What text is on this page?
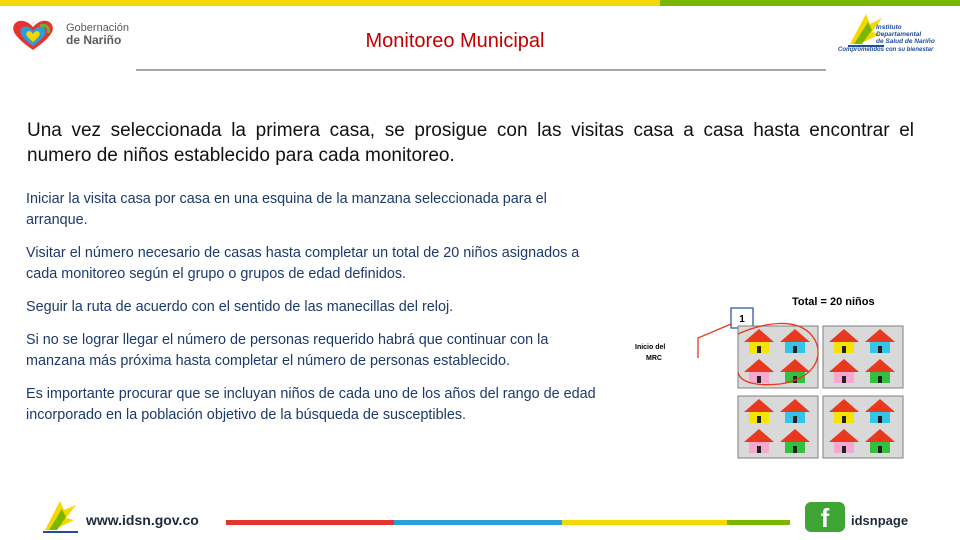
Gobernación
de Nariño	Monitoreo Municipal
Instituto
Departamental
de Salud de Nariño
Comprometidos con su bienestar
Una vez seleccionada la primera casa, se prosigue con las visitas casa a casa hasta encontrar el numero de niños establecido para cada monitoreo.

Iniciar la visita casa por casa en una esquina de la manzana seleccionada para el arranque.

Visitar el número necesario de casas hasta completar un total de 20 niños asignados a cada monitoreo según el grupo o grupos de edad definidos.

Seguir la ruta de acuerdo con el sentido de las manecillas del reloj.

Si no se lograr llegar el número de personas requerido habrá que continuar con la manzana más próxima hasta completar el número de personas establecido.

Es importante procurar que se incluyan niños de cada uno de los años del rango de edad incorporado en la población objetivo de la búsqueda de susceptibles.

Total = 20 niños
1
Inicio del
MRC
www.idsn.gov.co	f	idsnpage
